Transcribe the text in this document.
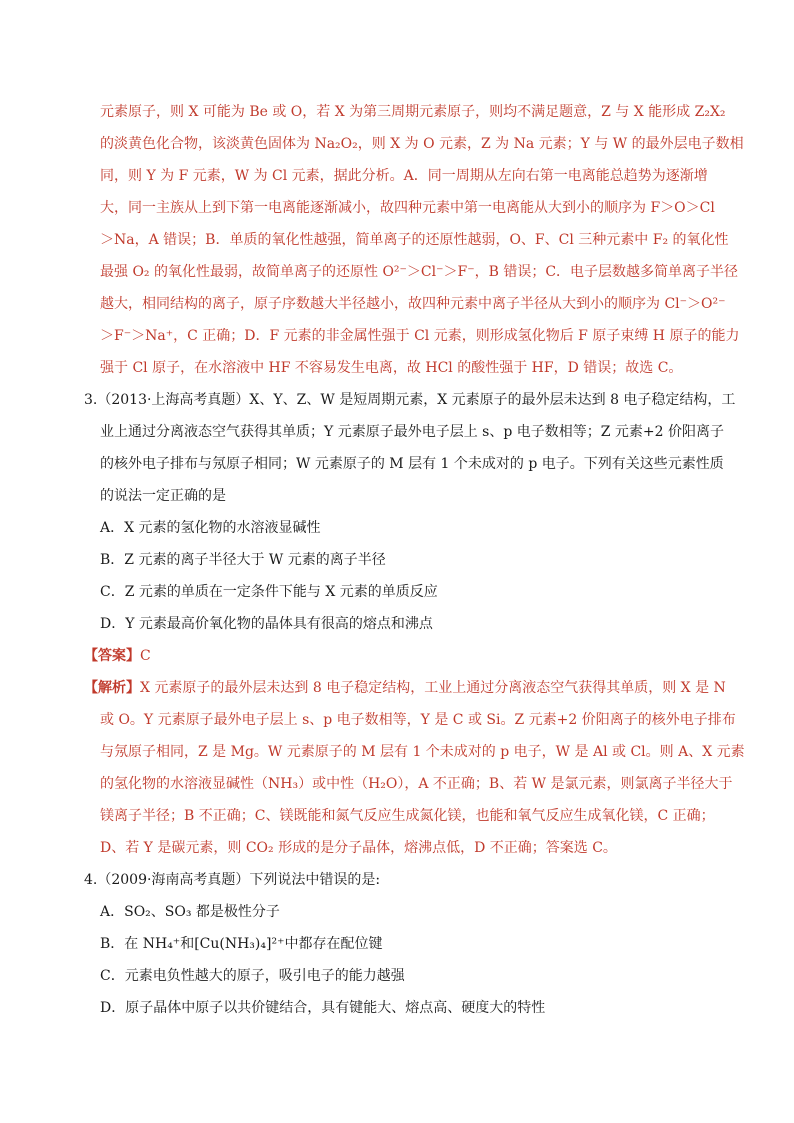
元素原子，则 X 可能为 Be 或 O，若 X 为第三周期元素原子，则均不满足题意，Z 与 X 能形成 Z₂X₂
的淡黄色化合物，该淡黄色固体为 Na₂O₂，则 X 为 O 元素，Z 为 Na 元素；Y 与 W 的最外层电子数相
同，则 Y 为 F 元素，W 为 Cl 元素，据此分析。A．同一周期从左向右第一电离能总趋势为逐渐增
大，同一主族从上到下第一电离能逐渐减小，故四种元素中第一电离能从大到小的顺序为 F＞O＞Cl
＞Na，A 错误；B．单质的氧化性越强，简单离子的还原性越弱，O、F、Cl 三种元素中 F₂ 的氧化性
最强 O₂ 的氧化性最弱，故简单离子的还原性 O²⁻＞Cl⁻＞F⁻，B 错误；C．电子层数越多简单离子半径
越大，相同结构的离子，原子序数越大半径越小，故四种元素中离子半径从大到小的顺序为 Cl⁻＞O²⁻
＞F⁻＞Na⁺，C 正确；D．F 元素的非金属性强于 Cl 元素，则形成氢化物后 F 原子束缚 H 原子的能力
强于 Cl 原子，在水溶液中 HF 不容易发生电离，故 HCl 的酸性强于 HF，D 错误；故选 C。
3.（2013·上海高考真题）X、Y、Z、W 是短周期元素，X 元素原子的最外层未达到 8 电子稳定结构，工
业上通过分离液态空气获得其单质；Y 元素原子最外电子层上 s、p 电子数相等；Z 元素+2 价阳离子
的核外电子排布与氖原子相同；W 元素原子的 M 层有 1 个未成对的 p 电子。下列有关这些元素性质
的说法一定正确的是
A．X 元素的氢化物的水溶液显碱性
B．Z 元素的离子半径大于 W 元素的离子半径
C．Z 元素的单质在一定条件下能与 X 元素的单质反应
D．Y 元素最高价氧化物的晶体具有很高的熔点和沸点
【答案】C
【解析】X 元素原子的最外层未达到 8 电子稳定结构，工业上通过分离液态空气获得其单质，则 X 是 N
或 O。Y 元素原子最外电子层上 s、p 电子数相等，Y 是 C 或 Si。Z 元素+2 价阳离子的核外电子排布
与氖原子相同，Z 是 Mg。W 元素原子的 M 层有 1 个未成对的 p 电子，W 是 Al 或 Cl。则 A、X 元素
的氢化物的水溶液显碱性（NH₃）或中性（H₂O），A 不正确；B、若 W 是氯元素，则氯离子半径大于
镁离子半径；B 不正确；C、镁既能和氮气反应生成氮化镁，也能和氧气反应生成氧化镁，C 正确；
D、若 Y 是碳元素，则 CO₂ 形成的是分子晶体，熔沸点低，D 不正确；答案选 C。
4.（2009·海南高考真题）下列说法中错误的是:
A．SO₂、SO₃ 都是极性分子
B．在 NH₄⁺和[Cu(NH₃)₄]²⁺中都存在配位键
C．元素电负性越大的原子，吸引电子的能力越强
D．原子晶体中原子以共价键结合，具有键能大、熔点高、硬度大的特性
